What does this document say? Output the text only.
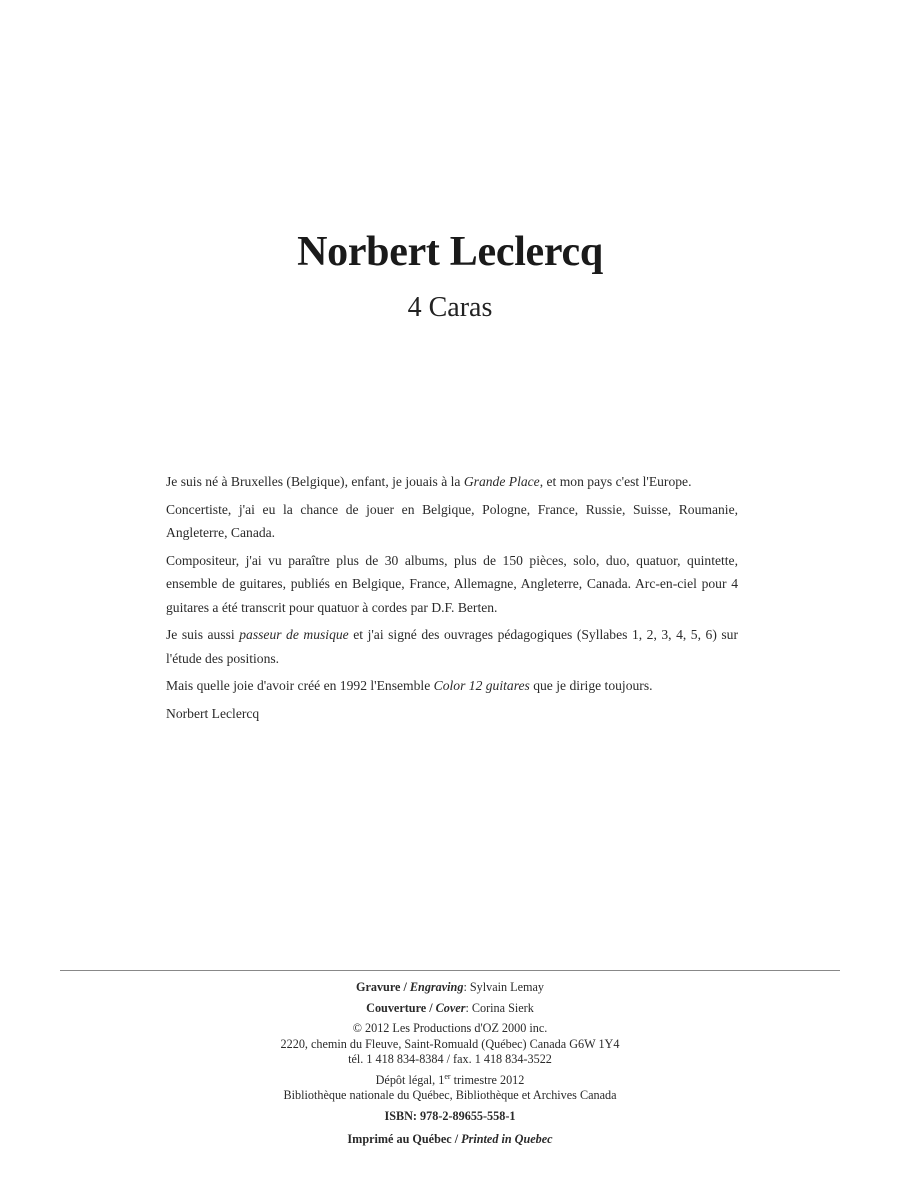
Norbert Leclercq
4 Caras

Je suis né à Bruxelles (Belgique), enfant, je jouais à la Grande Place, et mon pays c'est l'Europe.

Concertiste, j'ai eu la chance de jouer en Belgique, Pologne, France, Russie, Suisse, Roumanie, Angleterre, Canada.

Compositeur, j'ai vu paraître plus de 30 albums, plus de 150 pièces, solo, duo, quatuor, quintette, ensemble de guitares, publiés en Belgique, France, Allemagne, Angleterre, Canada. Arc-en-ciel pour 4 guitares a été transcrit pour quatuor à cordes par D.F. Berten.

Je suis aussi passeur de musique et j'ai signé des ouvrages pédagogiques (Syllabes 1, 2, 3, 4, 5, 6) sur l'étude des positions.

Mais quelle joie d'avoir créé en 1992 l'Ensemble Color 12 guitares que je dirige toujours.

Norbert Leclercq

Gravure / Engraving: Sylvain Lemay
Couverture / Cover: Corina Sierk
© 2012 Les Productions d'OZ 2000 inc.
2220, chemin du Fleuve, Saint-Romuald (Québec) Canada G6W 1Y4
tél. 1 418 834-8384 / fax. 1 418 834-3522
Dépôt légal, 1er trimestre 2012
Bibliothèque nationale du Québec, Bibliothèque et Archives Canada
ISBN: 978-2-89655-558-1
Imprimé au Québec / Printed in Quebec
